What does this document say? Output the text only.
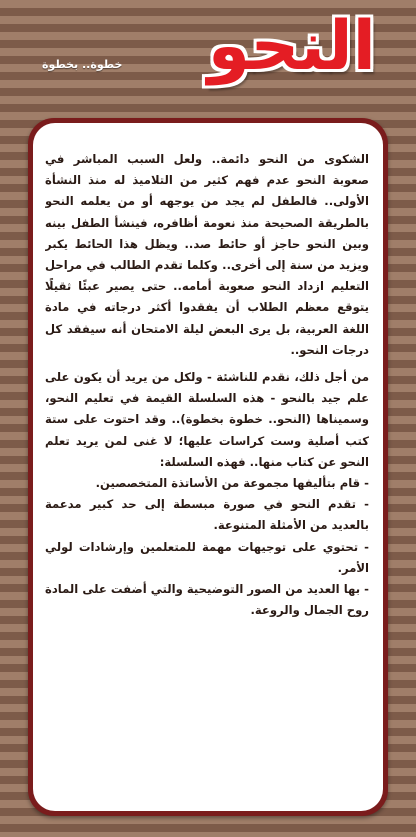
النحو
خطوة.. بخطوة

الشكوى من النحو دائمة.. ولعل السبب المباشر في صعوبة النحو عدم فهم كثير من التلاميذ له منذ النشأة الأولى.. فالطفل لم يجد من يوجهه أو من يعلمه النحو بالطريقة الصحيحة منذ نعومة أظافره، فينشأ الطفل بينه وبين النحو حاجز أو حائط صد.. ويظل هذا الحائط يكبر ويزيد من سنة إلى أخرى.. وكلما تقدم الطالب في مراحل التعليم ازداد النحو صعوبة أمامه.. حتى يصير عبئًا ثقيلًا يتوقع معظم الطلاب أن يفقدوا أكثر درجاته في مادة اللغة العربية، بل يرى البعض ليلة الامتحان أنه سيفقد كل درجات النحو..

من أجل ذلك، نقدم للناشئة - ولكل من يريد أن يكون على علم جيد بالنحو - هذه السلسلة القيمة في تعليم النحو، وسميناها (النحو.. خطوة بخطوة).. وقد احتوت على ستة كتب أصلية وست كراسات عليها؛ لا غنى لمن يريد تعلم النحو عن كتاب منها.. فهذه السلسلة:

- قام بتأليفها مجموعة من الأساتذة المتخصصين.

- تقدم النحو في صورة مبسطة إلى حد كبير مدعمة بالعديد من الأمثلة المتنوعة.

- تحتوي على توجيهات مهمة للمتعلمين وإرشادات لولي الأمر.

- بها العديد من الصور التوضيحية والتي أضفت على المادة روح الجمال والروعة.
